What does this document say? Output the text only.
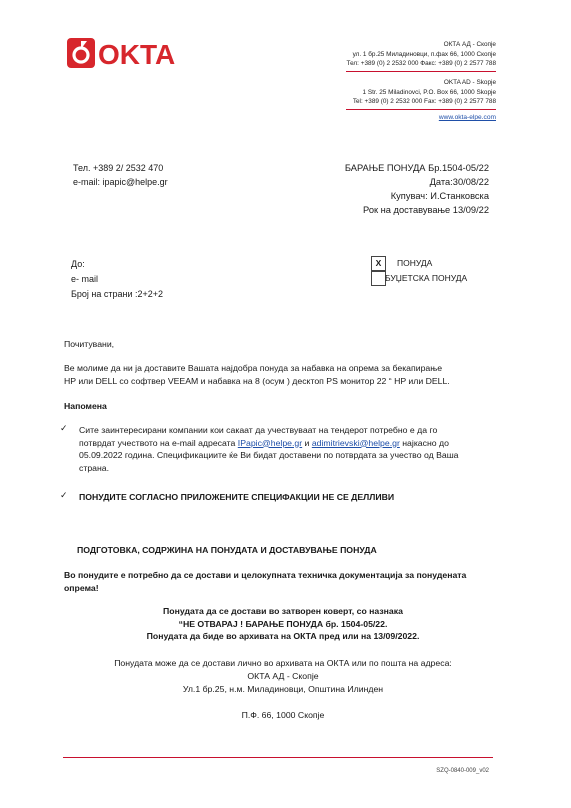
OKTA	ОКТА АД - Скопје
ул. 1 бр.25 Миладиновци, п.фах 66, 1000 Скопје
Тел: +389 (0) 2 2532 000 Факс: +389 (0) 2 2577 788
OKTA AD - Skopje
1 Str. 25 Miladinovci, P.O. Box 66, 1000 Skopje
Tel: +389 (0) 2 2532 000 Fax: +389 (0) 2 2577 788
www.okta-elpe.com
Тел. +389 2/ 2532 470
e-mail: ipapic@helpe.gr
БАРАЊЕ ПОНУДА Бр.1504-05/22
Дата:30/08/22
Купувач: И.Станковска
Рок на доставување 13/09/22
До:
е- mail
Број на страни :2+2+2
X	ПОНУДА
БУЏЕТСКА ПОНУДА
Почитувани,
Ве молиме да ни ја доставите Вашата најдобра понуда за набавка на опрема за бекапирање
HP или DELL со софтвер VEEAM и набавка на 8 (осум ) десктоп PS монитор 22 “ HP или DELL.
Напомена
✓ Сите заинтересирани компании кои сакаат да учествуваат на тендерот потребно е да го
потврдат учеството на e-mail адресата IPapic@helpe.gr и adimitrievski@helpe.gr најкасно до
05.09.2022 година. Спецификациите ќе Ви бидат доставени по потврдата за учество од Ваша
страна.
✓ ПОНУДИТЕ СОГЛАСНО ПРИЛОЖЕНИТЕ СПЕЦИФАКЦИИ НЕ СЕ ДЕЛЛИВИ
ПОДГОТОВКА, СОДРЖИНА НА ПОНУДАТА И ДОСТАВУВАЊЕ ПОНУДА
Во понудите е потребно да се достави и целокупната техничка документација за понудената
опрема!
Понудата да се достави во затворен коверт, со назнака
“НЕ ОТВАРАЈ ! БАРАЊЕ ПОНУДА бр. 1504-05/22.
Понудата да биде во архивата на ОКТА пред или на 13/09/2022.
Понудата може да се достави лично во архивата на ОКТА или по пошта на адреса:
ОКТА АД - Скопје
Ул.1 бр.25, н.м. Миладиновци, Општина Илинден
П.Ф. 66, 1000 Скопје
SZQ-0840-009_v02
